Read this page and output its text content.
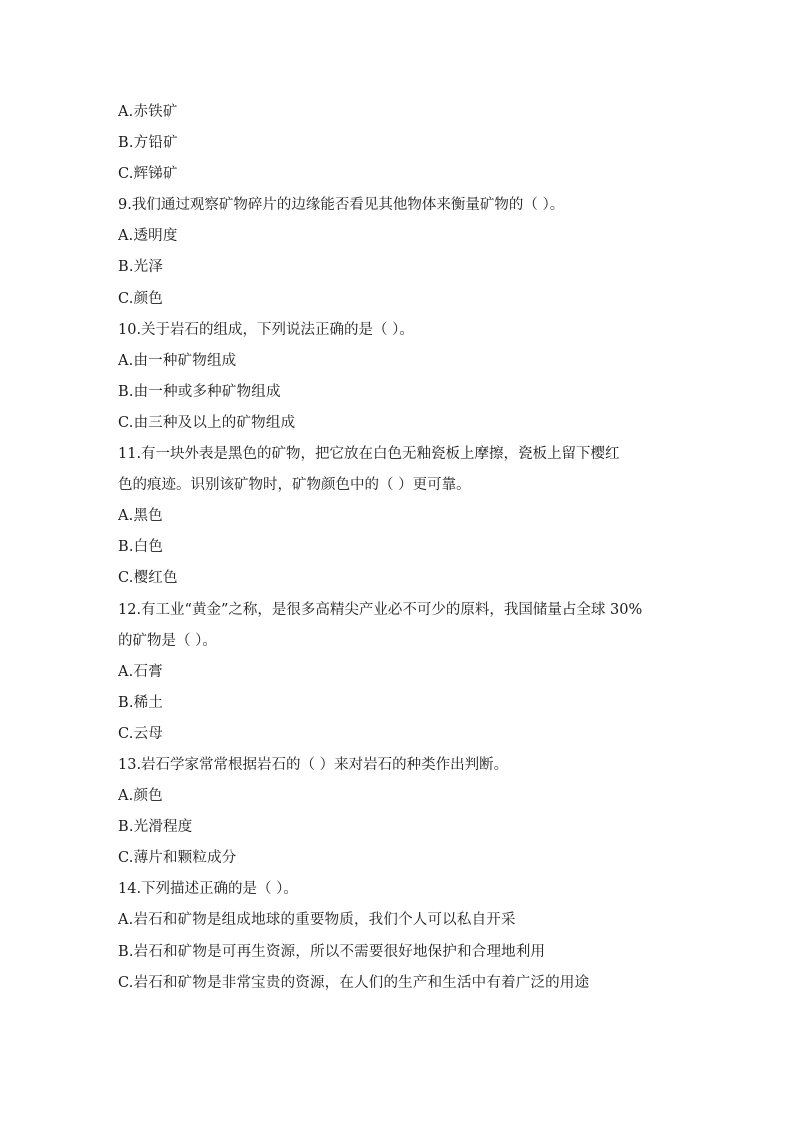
A.赤铁矿
B.方铅矿
C.辉锑矿
9.我们通过观察矿物碎片的边缘能否看见其他物体来衡量矿物的（ ）。
A.透明度
B.光泽
C.颜色
10.关于岩石的组成，下列说法正确的是（ ）。
A.由一种矿物组成
B.由一种或多种矿物组成
C.由三种及以上的矿物组成
11.有一块外表是黑色的矿物，把它放在白色无釉瓷板上摩擦，瓷板上留下樱红
色的痕迹。识别该矿物时，矿物颜色中的（ ）更可靠。
A.黑色
B.白色
C.樱红色
12.有工业“黄金”之称，是很多高精尖产业必不可少的原料，我国储量占全球 30%
的矿物是（ ）。
A.石膏
B.稀土
C.云母
13.岩石学家常常根据岩石的（ ）来对岩石的种类作出判断。
A.颜色
B.光滑程度
C.薄片和颗粒成分
14.下列描述正确的是（ ）。
A.岩石和矿物是组成地球的重要物质，我们个人可以私自开采
B.岩石和矿物是可再生资源，所以不需要很好地保护和合理地利用
C.岩石和矿物是非常宝贵的资源，在人们的生产和生活中有着广泛的用途
